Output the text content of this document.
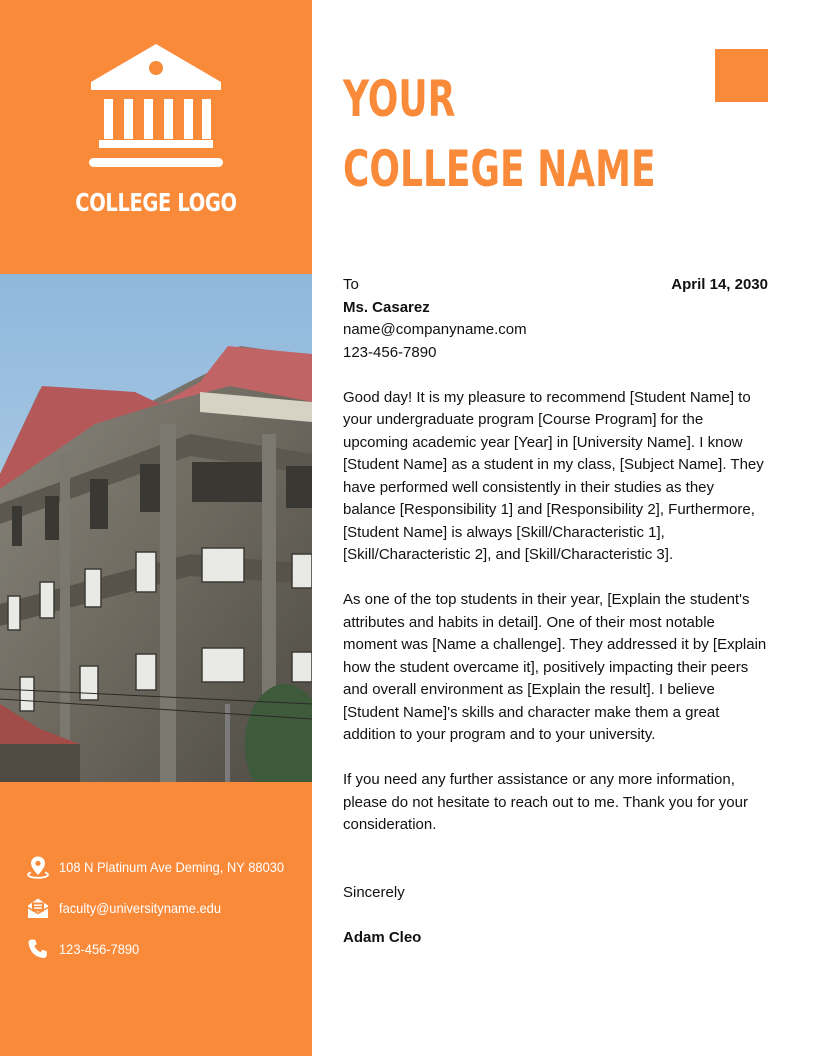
COLLEGE LOGO
108 N Platinum Ave Deming, NY 88030
faculty@universityname.edu
123-456-7890
YOUR
COLLEGE NAME
April 14, 2030

To

Ms. Casarez

name@companyname.com

123-456-7890

Good day! It is my pleasure to recommend [Student Name] to your undergraduate program [Course Program] for the upcoming academic year [Year] in [University Name]. I know [Student Name] as a student in my class, [Subject Name]. They have performed well consistently in their studies as they balance [Responsibility 1] and [Responsibility 2], Furthermore, [Student Name] is always [Skill/Characteristic 1], [Skill/Characteristic 2], and [Skill/Characteristic 3].

As one of the top students in their year, [Explain the student's attributes and habits in detail]. One of their most notable moment was [Name a challenge]. They addressed it by [Explain how the student overcame it], positively impacting their peers and overall environment as [Explain the result]. I believe [Student Name]'s skills and character make them a great addition to your program and to your university.

If you need any further assistance or any more information, please do not hesitate to reach out to me. Thank you for your consideration.

Sincerely

Adam Cleo
